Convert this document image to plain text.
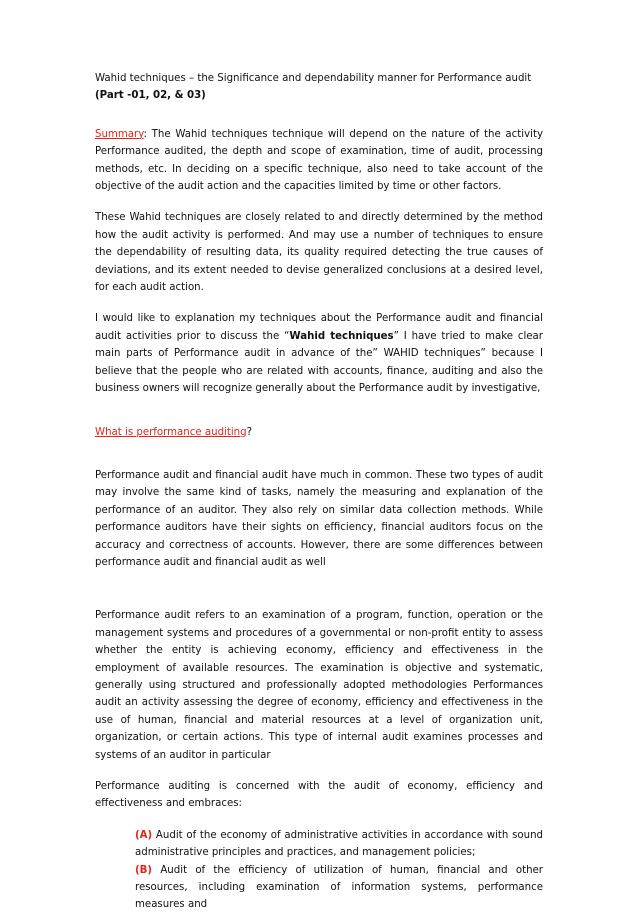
Wahid techniques – the Significance and dependability manner for Performance audit

(Part -01, 02, & 03)

Summary: The Wahid techniques technique will depend on the nature of the activity Performance audited, the depth and scope of examination, time of audit, processing methods, etc. In deciding on a specific technique, also need to take account of the objective of the audit action and the capacities limited by time or other factors.

These Wahid techniques are closely related to and directly determined by the method how the audit activity is performed. And may use a number of techniques to ensure the dependability of resulting data, its quality required detecting the true causes of deviations, and its extent needed to devise generalized conclusions at a desired level, for each audit action.

I would like to explanation my techniques about the Performance audit and financial audit activities prior to discuss the “Wahid techniques” I have tried to make clear main parts of Performance audit in advance of the” WAHID techniques” because I believe that the people who are related with accounts, finance, auditing and also the business owners will recognize generally about the Performance audit by investigative,

What is performance auditing?

Performance audit and financial audit have much in common. These two types of audit may involve the same kind of tasks, namely the measuring and explanation of the performance of an auditor. They also rely on similar data collection methods. While performance auditors have their sights on efficiency, financial auditors focus on the accuracy and correctness of accounts. However, there are some differences between performance audit and financial audit as well

Performance audit refers to an examination of a program, function, operation or the management systems and procedures of a governmental or non-profit entity to assess whether the entity is achieving economy, efficiency and effectiveness in the employment of available resources. The examination is objective and systematic, generally using structured and professionally adopted methodologies Performances audit an activity assessing the degree of economy, efficiency and effectiveness in the use of human, financial and material resources at a level of organization unit, organization, or certain actions. This type of internal audit examines processes and systems of an auditor in particular

Performance auditing is concerned with the audit of economy, efficiency and effectiveness and embraces:

(A) Audit of the economy of administrative activities in accordance with sound administrative principles and practices, and management policies;

(B) Audit of the efficiency of utilization of human, financial and other resources, including examination of information systems, performance measures and
